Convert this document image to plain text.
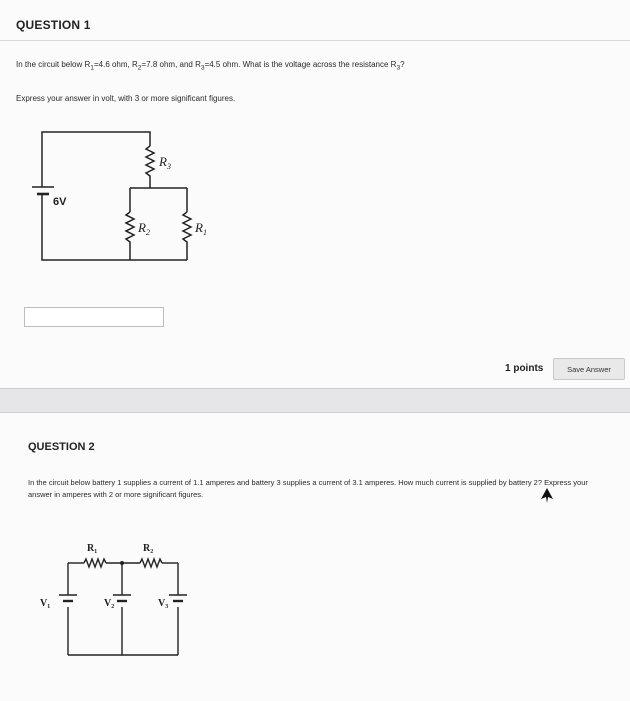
QUESTION 1
In the circuit below $R_1=4.6$ ohm, $R_2=7.8$ ohm, and $R_3=4.5$ ohm. What is the voltage across the resistance $R_3$?
Express your answer in volt, with 3 or more significant figures.
6V
$R_3$
$R_2$	$R_1$
1 points	Save Answer
QUESTION 2
In the circuit below battery 1 supplies a current of 1.1 amperes and battery 3 supplies a current of 3.1 amperes. How much current is supplied by battery 2? Express your answer in amperes with 2 or more significant figures.
R₁	R₂
V₁	V₂	V₃
